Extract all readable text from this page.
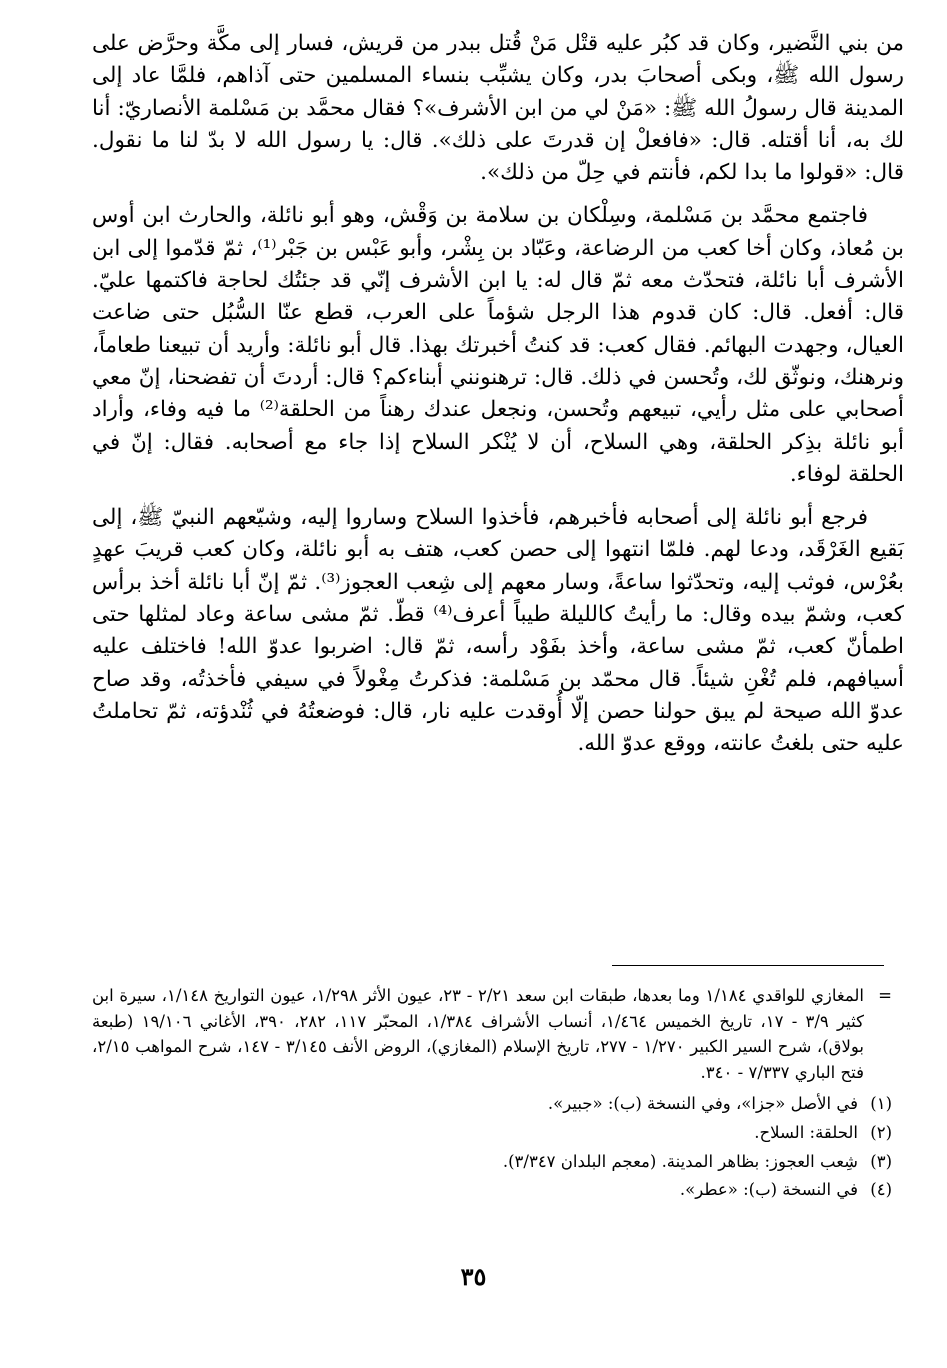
من بني النَّضير، وكان قد كبُر عليه قتْل مَنْ قُتل ببدر من قريش، فسار إلى مكَّة وحرَّض على رسول الله ﷺ، وبكى أصحابَ بدر، وكان يشبِّب بنساء المسلمين حتى آذاهم، فلمَّا عاد إلى المدينة قال رسولُ الله ﷺ: «مَنْ لي من ابن الأشرف»؟ فقال محمَّد بن مَسْلمة الأنصاريّ: أنا لك به، أنا أقتله. قال: «فافعلْ إن قدرتَ على ذلك». قال: يا رسول الله لا بدّ لنا ما نقول. قال: «قولوا ما بدا لكم، فأنتم في حِلّ من ذلك».

فاجتمع محمَّد بن مَسْلمة، وسِلْكان بن سلامة بن وَقْش، وهو أبو نائلة، والحارث ابن أوس بن مُعاذ، وكان أخا كعب من الرضاعة، وعَبّاد بن بِشْر، وأبو عَبْس بن جَبْر⁽¹⁾، ثمّ قدّموا إلى ابن الأشرف أبا نائلة، فتحدّث معه ثمّ قال له: يا ابن الأشرف إنّي قد جئتُك لحاجة فاكتمها عليّ. قال: أفعل. قال: كان قدوم هذا الرجل شؤماً على العرب، قطع عنّا السُّبُل حتى ضاعت العيال، وجهدت البهائم. فقال كعب: قد كنتُ أخبرتك بهذا. قال أبو نائلة: وأريد أن تبيعنا طعاماً، ونرهنك، ونوثّق لك، وتُحسن في ذلك. قال: ترهنونني أبناءكم؟ قال: أردتَ أن تفضحنا، إنّ معي أصحابي على مثل رأيي، تبيعهم وتُحسن، ونجعل عندك رهناً من الحلقة⁽²⁾ ما فيه وفاء، وأراد أبو نائلة بذِكر الحلقة، وهي السلاح، أن لا يُنْكر السلاح إذا جاء مع أصحابه. فقال: إنّ في الحلقة لوفاء.

فرجع أبو نائلة إلى أصحابه فأخبرهم، فأخذوا السلاح وساروا إليه، وشيّعهم النبيّ ﷺ، إلى بَقيع الغَرْقَد، ودعا لهم. فلمّا انتهوا إلى حصن كعب، هتف به أبو نائلة، وكان كعب قريبَ عهدٍ بعُرْس، فوثب إليه، وتحدّثوا ساعةً، وسار معهم إلى شِعب العجوز⁽³⁾. ثمّ إنّ أبا نائلة أخذ برأس كعب، وشمّ بيده وقال: ما رأيتُ كالليلة طيباً أعرف⁽⁴⁾ قطّ. ثمّ مشى ساعة وعاد لمثلها حتى اطمأنّ كعب، ثمّ مشى ساعة، وأخذ بفَوْد رأسه، ثمّ قال: اضربوا عدوّ الله! فاختلف عليه أسيافهم، فلم تُغْنِ شيئاً. قال محمّد بن مَسْلمة: فذكرتُ مِغْولاً في سيفي فأخذتُه، وقد صاح عدوّ الله صيحة لم يبق حولنا حصن إلّا أُوقدت عليه نار، قال: فوضعتُهُ في ثُنْدؤته، ثمّ تحاملتُ عليه حتى بلغتُ عانته، ووقع عدوّ الله.

=
المغازي للواقدي ١/١٨٤ وما بعدها، طبقات ابن سعد ٢/٢١ - ٢٣، عيون الأثر ١/٢٩٨، عيون التواريخ ١/١٤٨، سيرة ابن كثير ٣/٩ - ١٧، تاريخ الخميس ١/٤٦٤، أنساب الأشراف ١/٣٨٤، المحبّر ١١٧، ٢٨٢، ٣٩٠، الأغاني ١٩/١٠٦ (طبعة بولاق)، شرح السير الكبير ١/٢٧٠ - ٢٧٧، تاريخ الإسلام (المغازي)، الروض الأنف ٣/١٤٥ - ١٤٧، شرح المواهب ٢/١٥، فتح الباري ٧/٣٣٧ - ٣٤٠.
(١)
في الأصل «جزا»، وفي النسخة (ب): «جبير».
(٢)
الحلقة: السلاح.
(٣)
شِعب العجوز: بظاهر المدينة. (معجم البلدان ٣/٣٤٧).
(٤)
في النسخة (ب): «عطر».
٣٥
